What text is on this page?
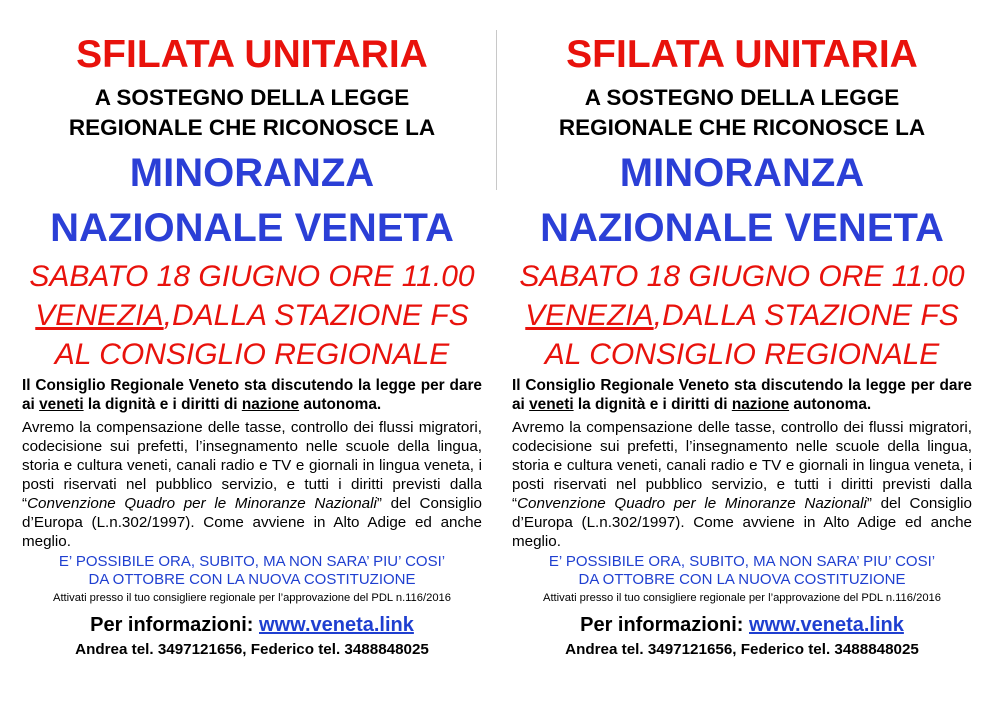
SFILATA UNITARIA
A SOSTEGNO DELLA LEGGE
REGIONALE CHE RICONOSCE LA
MINORANZA
NAZIONALE VENETA
SABATO 18 GIUGNO ORE 11.00
VENEZIA,DALLA STAZIONE FS
AL CONSIGLIO REGIONALE
Il Consiglio Regionale Veneto sta discutendo la legge per dare ai veneti la dignità e i diritti di nazione autonoma.
Avremo la compensazione delle tasse, controllo dei flussi migratori, codecisione sui prefetti, l’insegnamento nelle scuole della lingua, storia e cultura veneti, canali radio e TV e giornali in lingua veneta, i posti riservati nel pubblico servizio, e tutti i diritti previsti dalla “Convenzione Quadro per le Minoranze Nazionali” del Consiglio d’Europa (L.n.302/1997). Come avviene in Alto Adige ed anche meglio.
E’ POSSIBILE ORA, SUBITO, MA NON SARA’ PIU’ COSI’
DA OTTOBRE CON LA NUOVA COSTITUZIONE
Attivati presso il tuo consigliere regionale per l’approvazione del PDL n.116/2016
Per informazioni: www.veneta.link
Andrea tel. 3497121656, Federico tel. 3488848025
SFILATA UNITARIA
A SOSTEGNO DELLA LEGGE
REGIONALE CHE RICONOSCE LA
MINORANZA
NAZIONALE VENETA
SABATO 18 GIUGNO ORE 11.00
VENEZIA,DALLA STAZIONE FS
AL CONSIGLIO REGIONALE
Il Consiglio Regionale Veneto sta discutendo la legge per dare ai veneti la dignità e i diritti di nazione autonoma.
Avremo la compensazione delle tasse, controllo dei flussi migratori, codecisione sui prefetti, l’insegnamento nelle scuole della lingua, storia e cultura veneti, canali radio e TV e giornali in lingua veneta, i posti riservati nel pubblico servizio, e tutti i diritti previsti dalla “Convenzione Quadro per le Minoranze Nazionali” del Consiglio d’Europa (L.n.302/1997). Come avviene in Alto Adige ed anche meglio.
E’ POSSIBILE ORA, SUBITO, MA NON SARA’ PIU’ COSI’
DA OTTOBRE CON LA NUOVA COSTITUZIONE
Attivati presso il tuo consigliere regionale per l’approvazione del PDL n.116/2016
Per informazioni: www.veneta.link
Andrea tel. 3497121656, Federico tel. 3488848025
